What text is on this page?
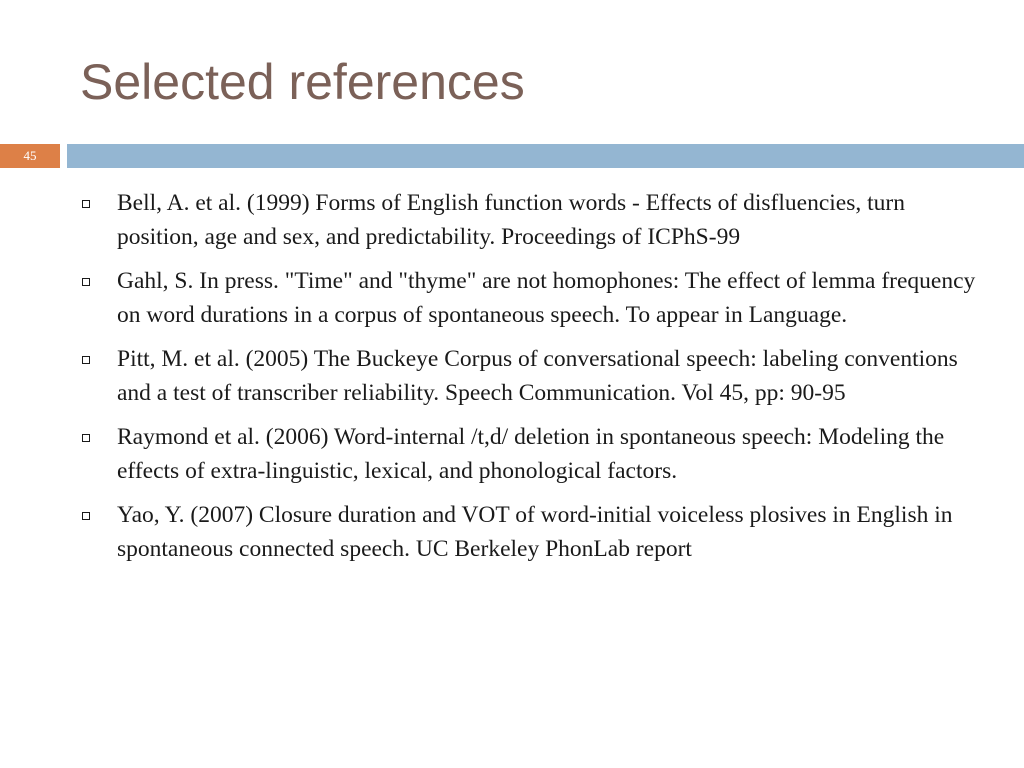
Selected references
45
Bell, A. et al. (1999) Forms of English function words - Effects of disfluencies, turn position, age and sex, and predictability. Proceedings of ICPhS-99
Gahl, S. In press. "Time" and "thyme" are not homophones: The effect of lemma frequency on word durations in a corpus of spontaneous speech. To appear in Language.
Pitt, M. et al. (2005) The Buckeye Corpus of conversational speech: labeling conventions and a test of transcriber reliability. Speech Communication. Vol 45, pp: 90-95
Raymond et al. (2006) Word-internal /t,d/ deletion in spontaneous speech: Modeling the effects of extra-linguistic, lexical, and phonological factors.
Yao, Y. (2007) Closure duration and VOT of word-initial voiceless plosives in English in spontaneous connected speech. UC Berkeley PhonLab report
